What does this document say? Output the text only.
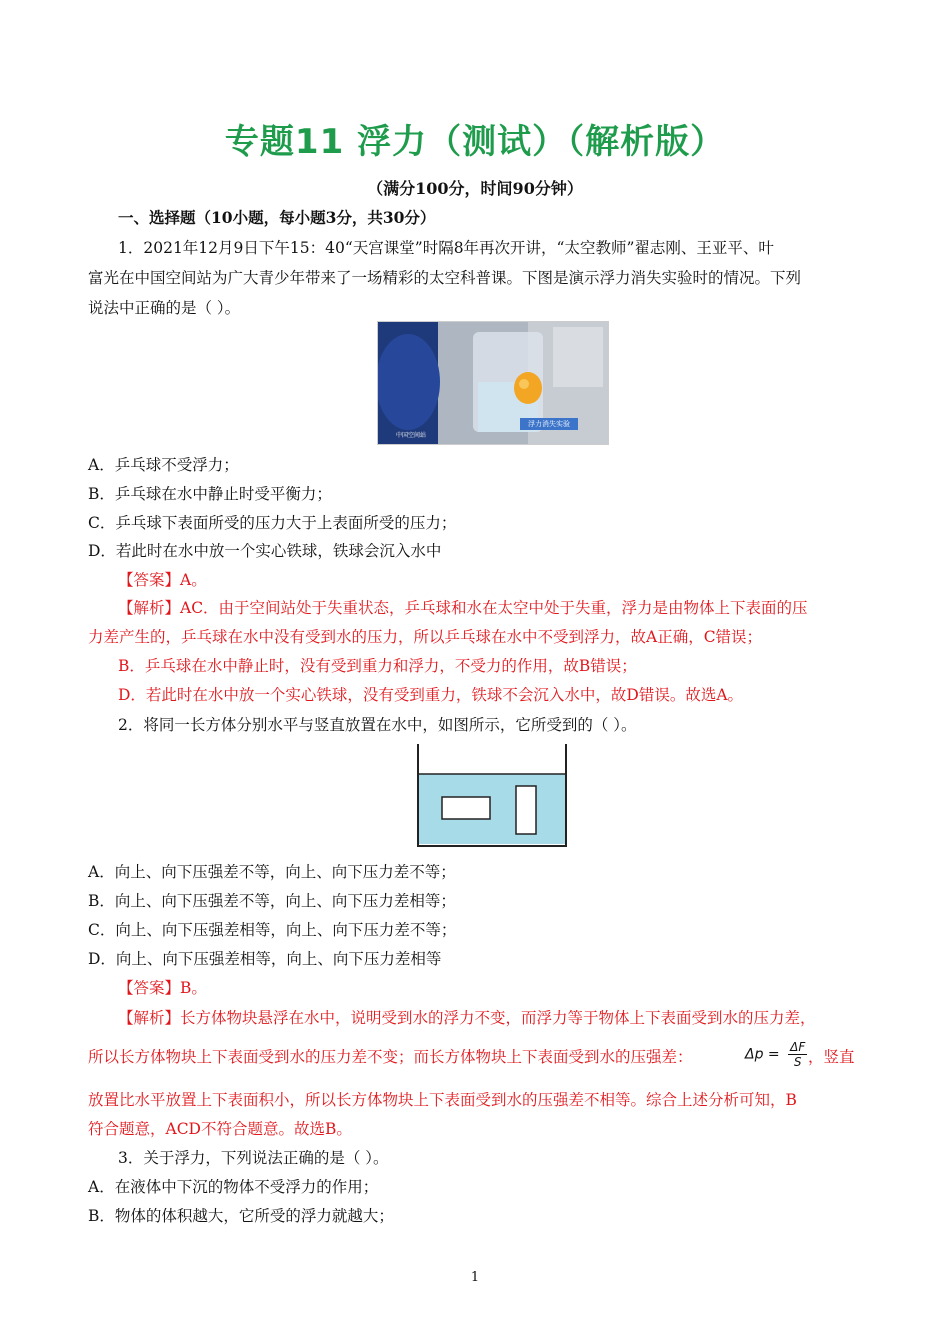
专题11 浮力（测试）（解析版）
（满分100分，时间90分钟）
一、选择题（10小题，每小题3分，共30分）
1．2021年12月9日下午15：40“天宫课堂”时隔8年再次开讲，“太空教师”翟志刚、王亚平、叶
富光在中国空间站为广大青少年带来了一场精彩的太空科普课。下图是演示浮力消失实验时的情况。下列
说法中正确的是（ ）。
浮力消失实验
中国空间站
A．乒乓球不受浮力；
B．乒乓球在水中静止时受平衡力；
C．乒乓球下表面所受的压力大于上表面所受的压力；
D．若此时在水中放一个实心铁球，铁球会沉入水中
【答案】A。
【解析】AC．由于空间站处于失重状态，乒乓球和水在太空中处于失重，浮力是由物体上下表面的压
力差产生的，乒乓球在水中没有受到水的压力，所以乒乓球在水中不受到浮力，故A正确，C错误；
B．乒乓球在水中静止时，没有受到重力和浮力，不受力的作用，故B错误；
D．若此时在水中放一个实心铁球，没有受到重力，铁球不会沉入水中，故D错误。故选A。
2．将同一长方体分别水平与竖直放置在水中，如图所示，它所受到的（ ）。
A．向上、向下压强差不等，向上、向下压力差不等；
B．向上、向下压强差不等，向上、向下压力差相等；
C．向上、向下压强差相等，向上、向下压力差不等；
D．向上、向下压强差相等，向上、向下压力差相等
【答案】B。
【解析】长方体物块悬浮在水中，说明受到水的浮力不变，而浮力等于物体上下表面受到水的压力差，
所以长方体物块上下表面受到水的压力差不变；而长方体物块上下表面受到水的压强差：	$\Delta p = \frac{\Delta F}{S}$ ，竖直
放置比水平放置上下表面积小，所以长方体物块上下表面受到水的压强差不相等。综合上述分析可知，B
符合题意，ACD不符合题意。故选B。
3．关于浮力，下列说法正确的是（ ）。
A．在液体中下沉的物体不受浮力的作用；
B．物体的体积越大，它所受的浮力就越大；
1
